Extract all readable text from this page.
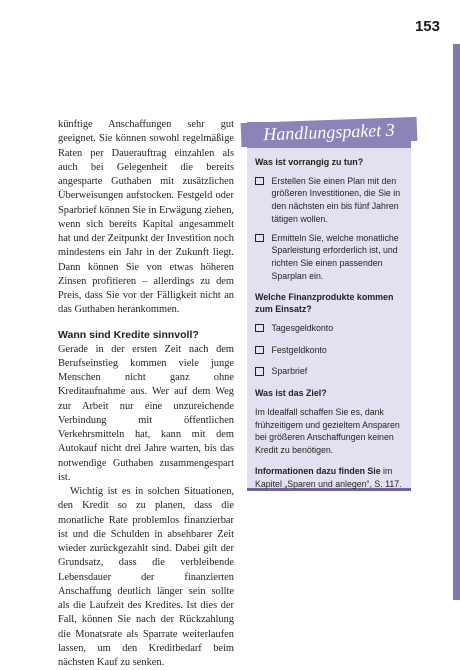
153

künftige Anschaffungen sehr gut geeignet. Sie können sowohl regelmäßige Raten per Dauerauftrag einzahlen als auch bei Gelegenheit die bereits angesparte Guthaben mit zusätzlichen Überweisungen aufstocken. Festgeld oder Sparbrief können Sie in Erwägung ziehen, wenn sich bereits Kapital angesammelt hat und der Zeitpunkt der Investition noch mindestens ein Jahr in der Zukunft liegt. Dann können Sie von etwas höheren Zinsen profitieren – allerdings zu dem Preis, dass Sie vor der Fälligkeit nicht an das Guthaben herankommen.

Wann sind Kredite sinnvoll?

Gerade in der ersten Zeit nach dem Berufseinstieg kommen viele junge Menschen nicht ganz ohne Kreditaufnahme aus. Wer auf dem Weg zur Arbeit nur eine unzureichende Verbindung mit öffentlichen Verkehrsmitteln hat, kann mit dem Autokauf nicht drei Jahre warten, bis das notwendige Guthaben zusammengespart ist.

Wichtig ist es in solchen Situationen, den Kredit so zu planen, dass die monatliche Rate problemlos finanzierbar ist und die Schulden in absehbarer Zeit wieder zurückgezahlt sind. Dabei gilt der Grundsatz, dass die verbleibende Lebensdauer der finanzierten Anschaffung deutlich länger sein sollte als die Laufzeit des Kredites. Ist dies der Fall, können Sie nach der Rückzahlung die Monatsrate als Sparrate weiterlaufen lassen, um den Kreditbedarf beim nächsten Kauf zu senken.

Handlungspaket 3
Was ist vorrangig zu tun?
Erstellen Sie einen Plan mit den größeren Investitionen, die Sie in den nächsten ein bis fünf Jahren tätigen wollen.
Ermitteln Sie, welche monatliche Sparleistung erforderlich ist, und richten Sie einen passenden Sparplan ein.
Welche Finanzprodukte kommen zum Einsatz?
Tagesgeldkonto
Festgeldkonto
Sparbrief
Was ist das Ziel?

Im Idealfall schaffen Sie es, dank frühzeitigem und gezieltem Ansparen bei größeren Anschaffungen keinen Kredit zu benötigen.

Informationen dazu finden Sie im Kapitel „Sparen und anlegen“, S. 117.
